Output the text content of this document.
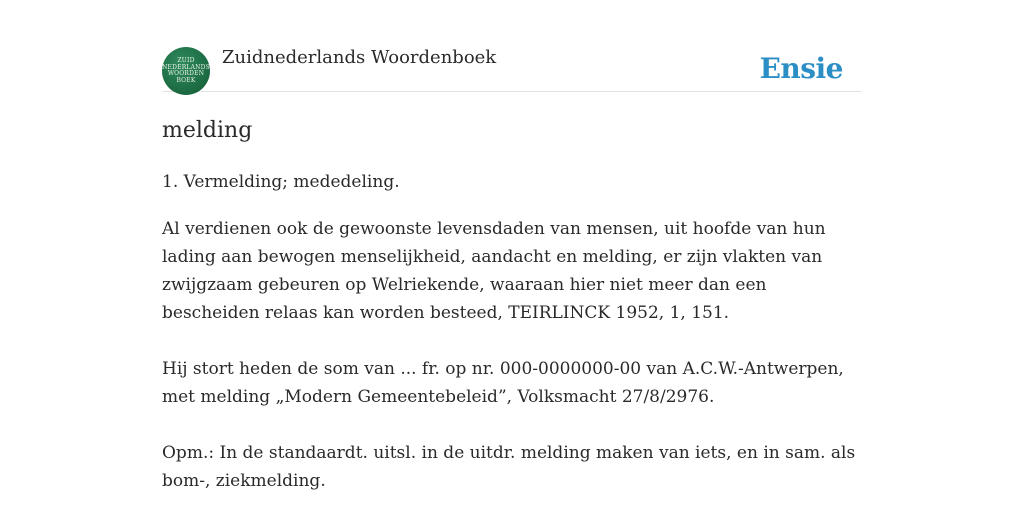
ZUID
NEDERLANDS
WOORDEN
BOEK
Zuidnederlands Woordenboek	Ensie
melding

1. Vermelding; mededeling.

Al verdienen ook de gewoonste levensdaden van mensen, uit hoofde van hun lading aan bewogen menselijkheid, aandacht en melding, er zijn vlakten van zwijgzaam gebeuren op Welriekende, waaraan hier niet meer dan een bescheiden relaas kan worden besteed, TEIRLINCK 1952, 1, 151.

Hij stort heden de som van ... fr. op nr. 000-0000000-00 van A.C.W.-Antwerpen, met melding „Modern Gemeentebeleid”, Volksmacht 27/8/2976.

Opm.: In de standaardt. uitsl. in de uitdr. melding maken van iets, en in sam. als bom-, ziekmelding.
